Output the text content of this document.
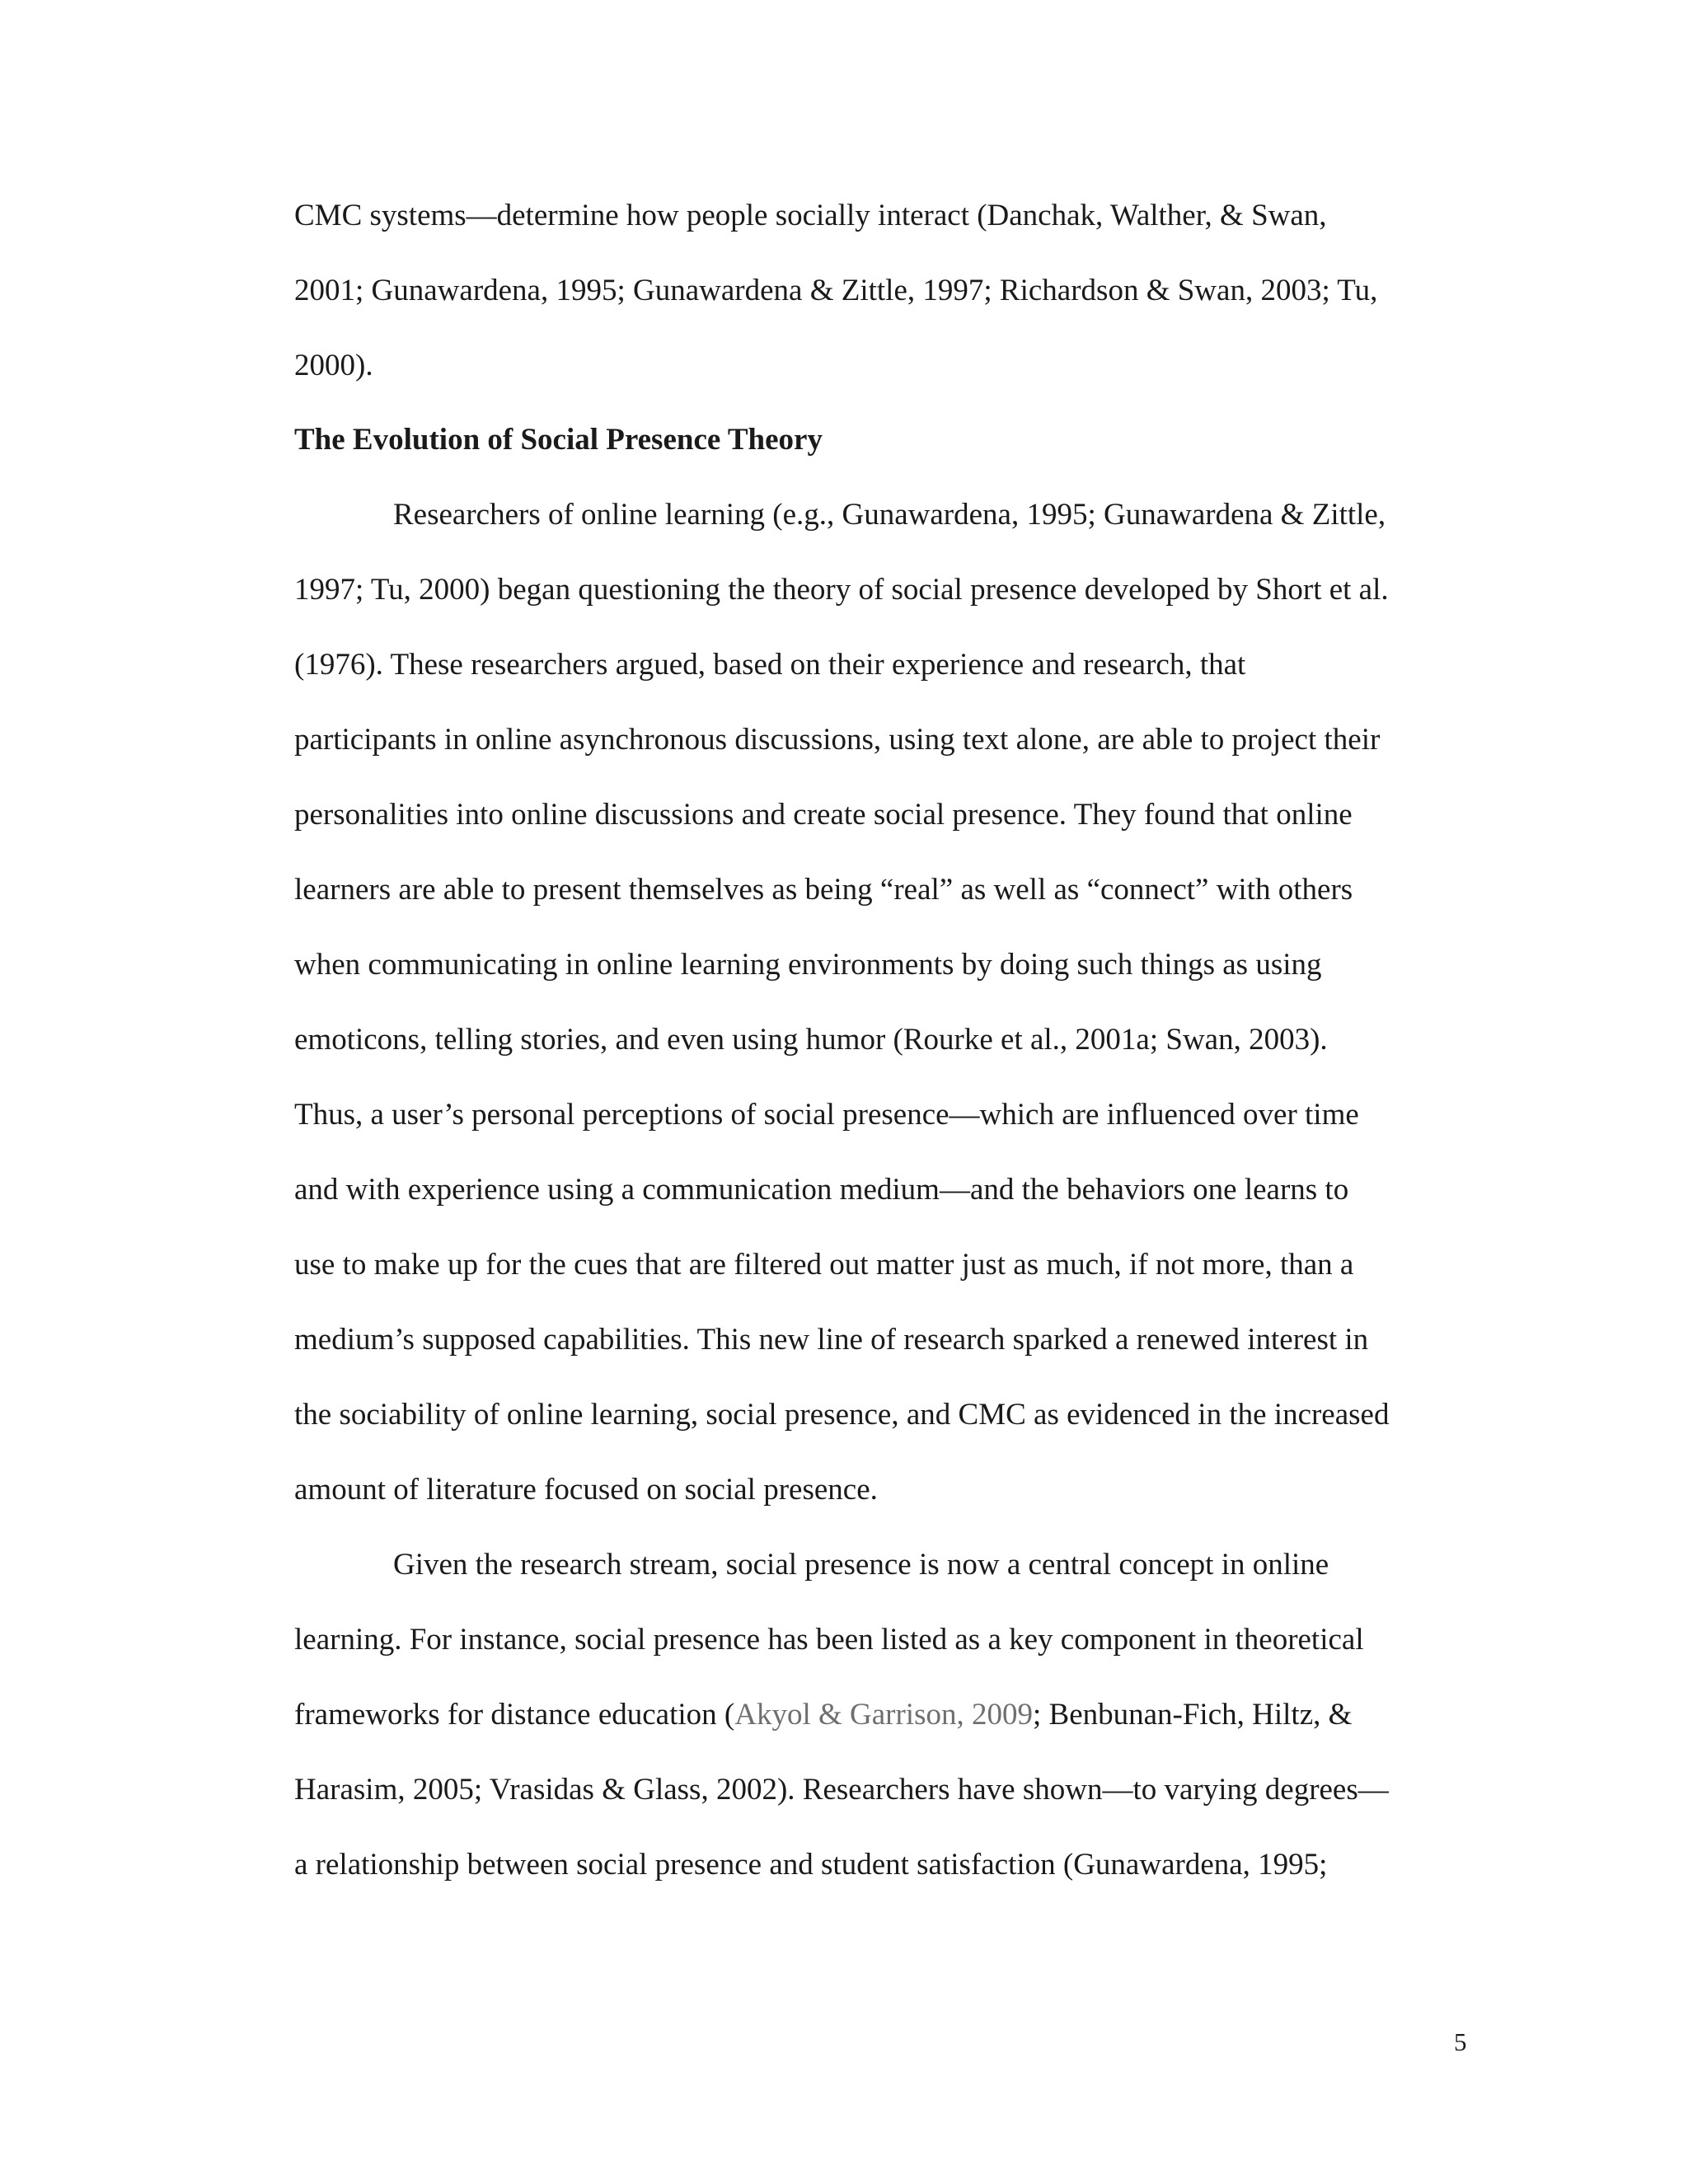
CMC systems—determine how people socially interact (Danchak, Walther, & Swan,
2001; Gunawardena, 1995; Gunawardena & Zittle, 1997; Richardson & Swan, 2003; Tu,
2000).
The Evolution of Social Presence Theory
Researchers of online learning (e.g., Gunawardena, 1995; Gunawardena & Zittle,
1997; Tu, 2000) began questioning the theory of social presence developed by Short et al.
(1976). These researchers argued, based on their experience and research, that
participants in online asynchronous discussions, using text alone, are able to project their
personalities into online discussions and create social presence. They found that online
learners are able to present themselves as being “real” as well as “connect” with others
when communicating in online learning environments by doing such things as using
emoticons, telling stories, and even using humor (Rourke et al., 2001a; Swan, 2003).
Thus, a user’s personal perceptions of social presence—which are influenced over time
and with experience using a communication medium—and the behaviors one learns to
use to make up for the cues that are filtered out matter just as much, if not more, than a
medium’s supposed capabilities. This new line of research sparked a renewed interest in
the sociability of online learning, social presence, and CMC as evidenced in the increased
amount of literature focused on social presence.
Given the research stream, social presence is now a central concept in online
learning. For instance, social presence has been listed as a key component in theoretical
frameworks for distance education (Akyol & Garrison, 2009; Benbunan-Fich, Hiltz, &
Harasim, 2005; Vrasidas & Glass, 2002). Researchers have shown—to varying degrees—
a relationship between social presence and student satisfaction (Gunawardena, 1995;
5
